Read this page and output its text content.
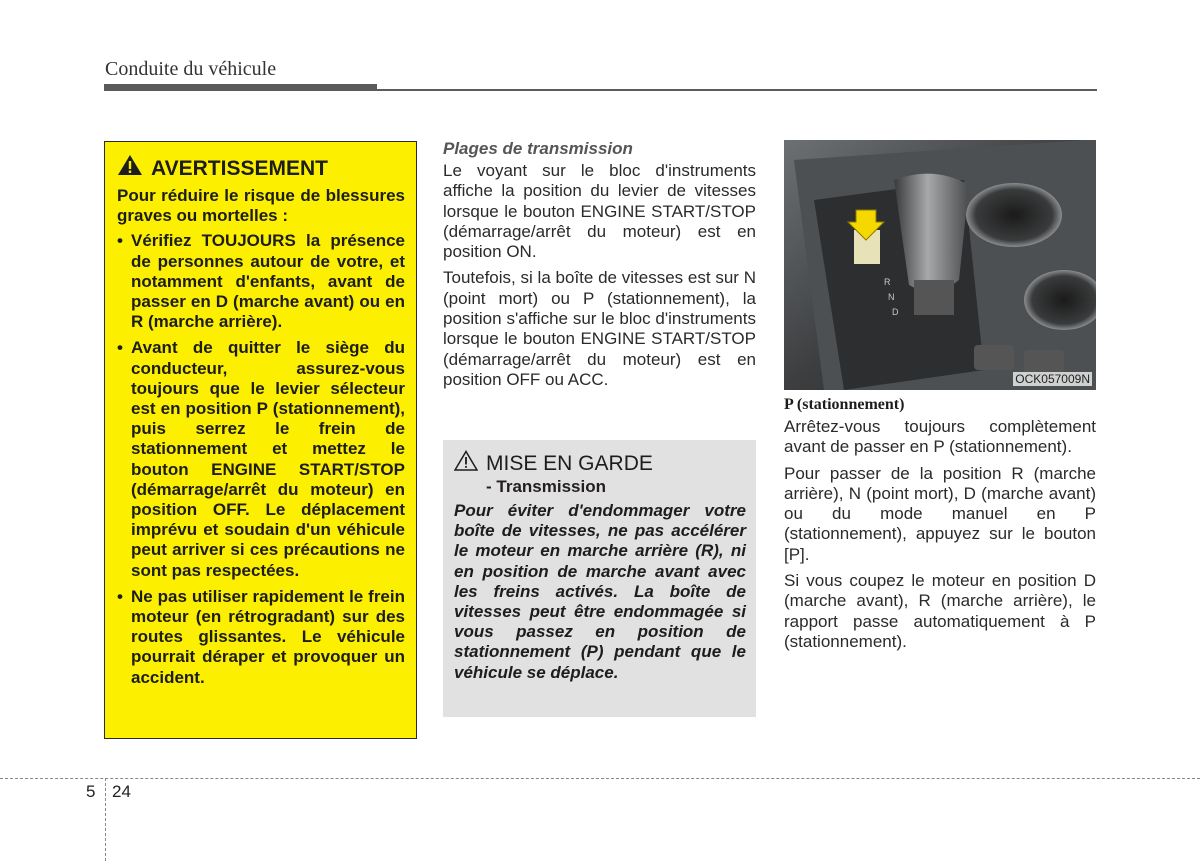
Conduite du véhicule
AVERTISSEMENT
Pour réduire le risque de blessures graves ou mortelles :
• Vérifiez TOUJOURS la présence de personnes autour de votre, et notamment d'enfants, avant de passer en D (marche avant) ou en R (marche arrière).
• Avant de quitter le siège du conducteur, assurez-vous toujours que le levier sélecteur est en position P (stationnement), puis serrez le frein de stationnement et mettez le bouton ENGINE START/STOP (démarrage/arrêt du moteur) en position OFF. Le déplacement imprévu et soudain d'un véhicule peut arriver si ces précautions ne sont pas respectées.
• Ne pas utiliser rapidement le frein moteur (en rétrogradant) sur des routes glissantes. Le véhicule pourrait déraper et provoquer un accident.
Plages de transmission

Le voyant sur le bloc d'instruments affiche la position du levier de vitesses lorsque le bouton ENGINE START/STOP (démarrage/arrêt du moteur) est en position ON.

Toutefois, si la boîte de vitesses est sur N (point mort) ou P (stationnement), la position s'affiche sur le bloc d'instruments lorsque le bouton ENGINE START/STOP (démarrage/arrêt du moteur) est en position OFF ou ACC.

MISE EN GARDE
- Transmission

Pour éviter d'endommager votre boîte de vitesses, ne pas accélérer le moteur en marche arrière (R), ni en position de marche avant avec les freins activés. La boîte de vitesses peut être endommagée si vous passez en position de stationnement (P) pendant que le véhicule se déplace.

R
N
D
OCK057009N
P (stationnement)

Arrêtez-vous toujours complètement avant de passer en P (stationnement).

Pour passer de la position R (marche arrière), N (point mort), D (marche avant) ou du mode manuel en P (stationnement), appuyez sur le bouton [P].

Si vous coupez le moteur en position D (marche avant), R (marche arrière), le rapport passe automatiquement à P (stationnement).

5 24
